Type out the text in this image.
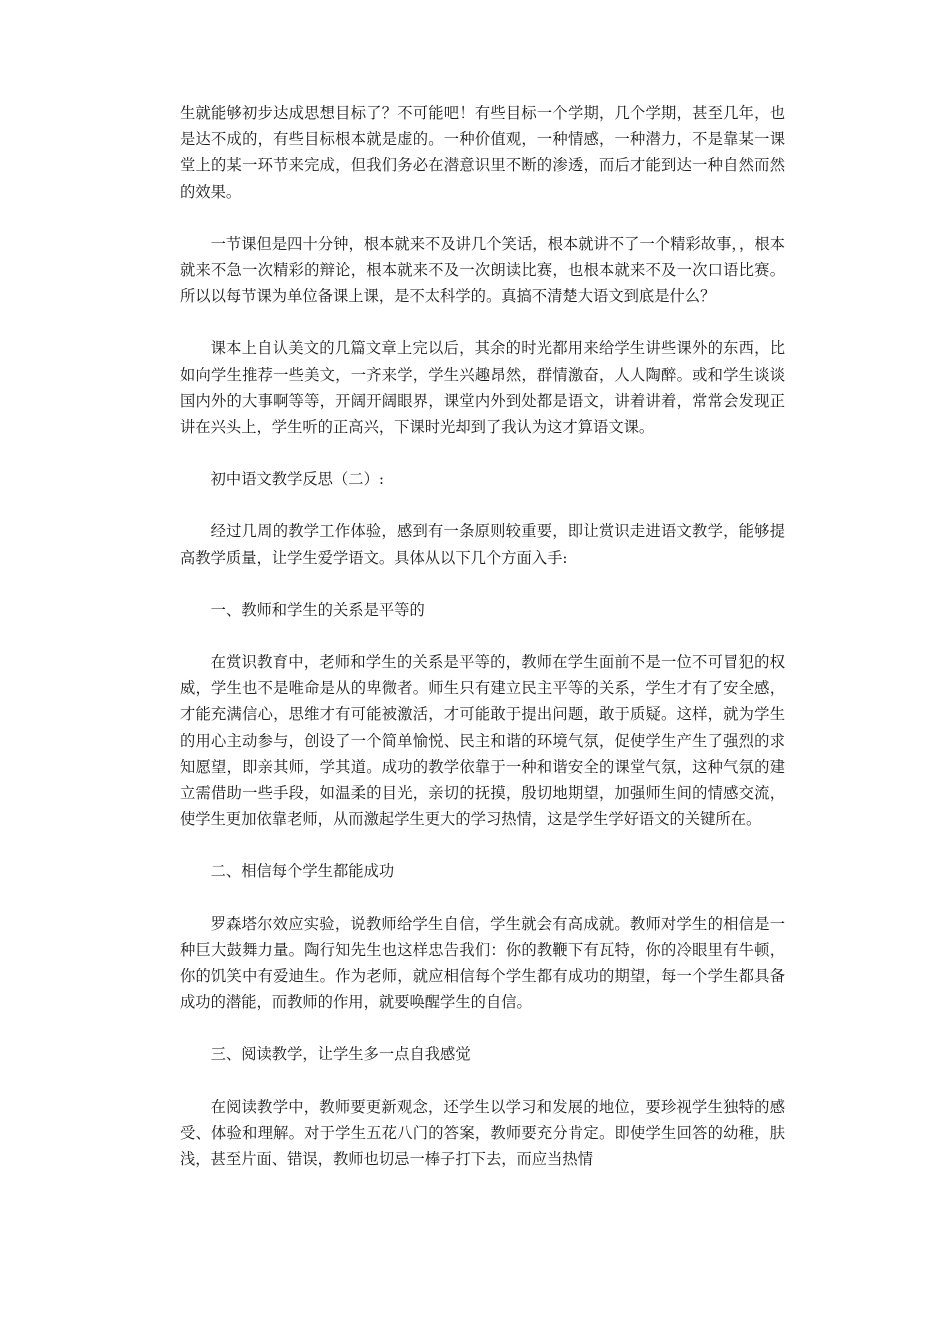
生就能够初步达成思想目标了？不可能吧！有些目标一个学期，几个学期，甚至几年，也是达不成的，有些目标根本就是虚的。一种价值观，一种情感，一种潜力，不是靠某一课堂上的某一环节来完成，但我们务必在潜意识里不断的渗透，而后才能到达一种自然而然的效果。

一节课但是四十分钟，根本就来不及讲几个笑话，根本就讲不了一个精彩故事，，根本就来不急一次精彩的辩论，根本就来不及一次朗读比赛，也根本就来不及一次口语比赛。所以以每节课为单位备课上课，是不太科学的。真搞不清楚大语文到底是什么？

课本上自认美文的几篇文章上完以后，其余的时光都用来给学生讲些课外的东西，比如向学生推荐一些美文，一齐来学，学生兴趣昂然，群情激奋，人人陶醉。或和学生谈谈国内外的大事啊等等，开阔开阔眼界，课堂内外到处都是语文，讲着讲着，常常会发现正讲在兴头上，学生听的正高兴，下课时光却到了我认为这才算语文课。

初中语文教学反思（二）:

经过几周的教学工作体验，感到有一条原则较重要，即让赏识走进语文教学，能够提高教学质量，让学生爱学语文。具体从以下几个方面入手:

一、教师和学生的关系是平等的

在赏识教育中，老师和学生的关系是平等的，教师在学生面前不是一位不可冒犯的权威，学生也不是唯命是从的卑微者。师生只有建立民主平等的关系，学生才有了安全感，才能充满信心，思维才有可能被激活，才可能敢于提出问题，敢于质疑。这样，就为学生的用心主动参与，创设了一个简单愉悦、民主和谐的环境气氛，促使学生产生了强烈的求知愿望，即亲其师，学其道。成功的教学依靠于一种和谐安全的课堂气氛，这种气氛的建立需借助一些手段，如温柔的目光，亲切的抚摸，殷切地期望，加强师生间的情感交流，使学生更加依靠老师，从而激起学生更大的学习热情，这是学生学好语文的关键所在。

二、相信每个学生都能成功

罗森塔尔效应实验，说教师给学生自信，学生就会有高成就。教师对学生的相信是一种巨大鼓舞力量。陶行知先生也这样忠告我们：你的教鞭下有瓦特，你的冷眼里有牛顿，你的饥笑中有爱迪生。作为老师，就应相信每个学生都有成功的期望，每一个学生都具备成功的潜能，而教师的作用，就要唤醒学生的自信。

三、阅读教学，让学生多一点自我感觉

在阅读教学中，教师要更新观念，还学生以学习和发展的地位，要珍视学生独特的感受、体验和理解。对于学生五花八门的答案，教师要充分肯定。即使学生回答的幼稚，肤浅，甚至片面、错误，教师也切忌一棒子打下去，而应当热情
